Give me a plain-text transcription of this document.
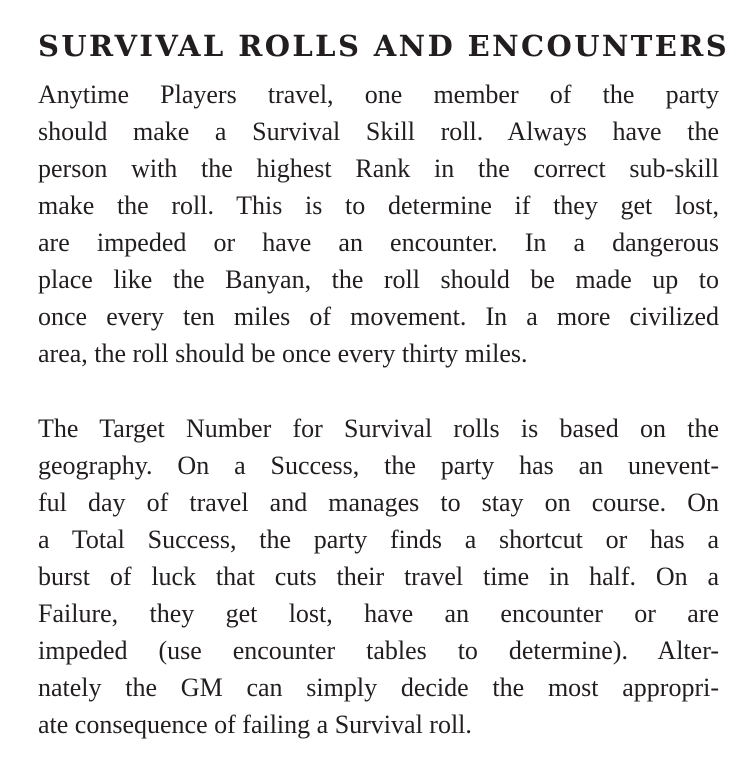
SURVIVAL ROLLS AND ENCOUNTERS
Anytime Players travel, one member of the party
should make a Survival Skill roll. Always have the
person with the highest Rank in the correct sub-skill
make the roll. This is to determine if they get lost,
are impeded or have an encounter. In a dangerous
place like the Banyan, the roll should be made up to
once every ten miles of movement. In a more civilized
area, the roll should be once every thirty miles.
The Target Number for Survival rolls is based on the
geography. On a Success, the party has an unevent-
ful day of travel and manages to stay on course. On
a Total Success, the party finds a shortcut or has a
burst of luck that cuts their travel time in half. On a
Failure, they get lost, have an encounter or are
impeded (use encounter tables to determine). Alter-
nately the GM can simply decide the most appropri-
ate consequence of failing a Survival roll.
